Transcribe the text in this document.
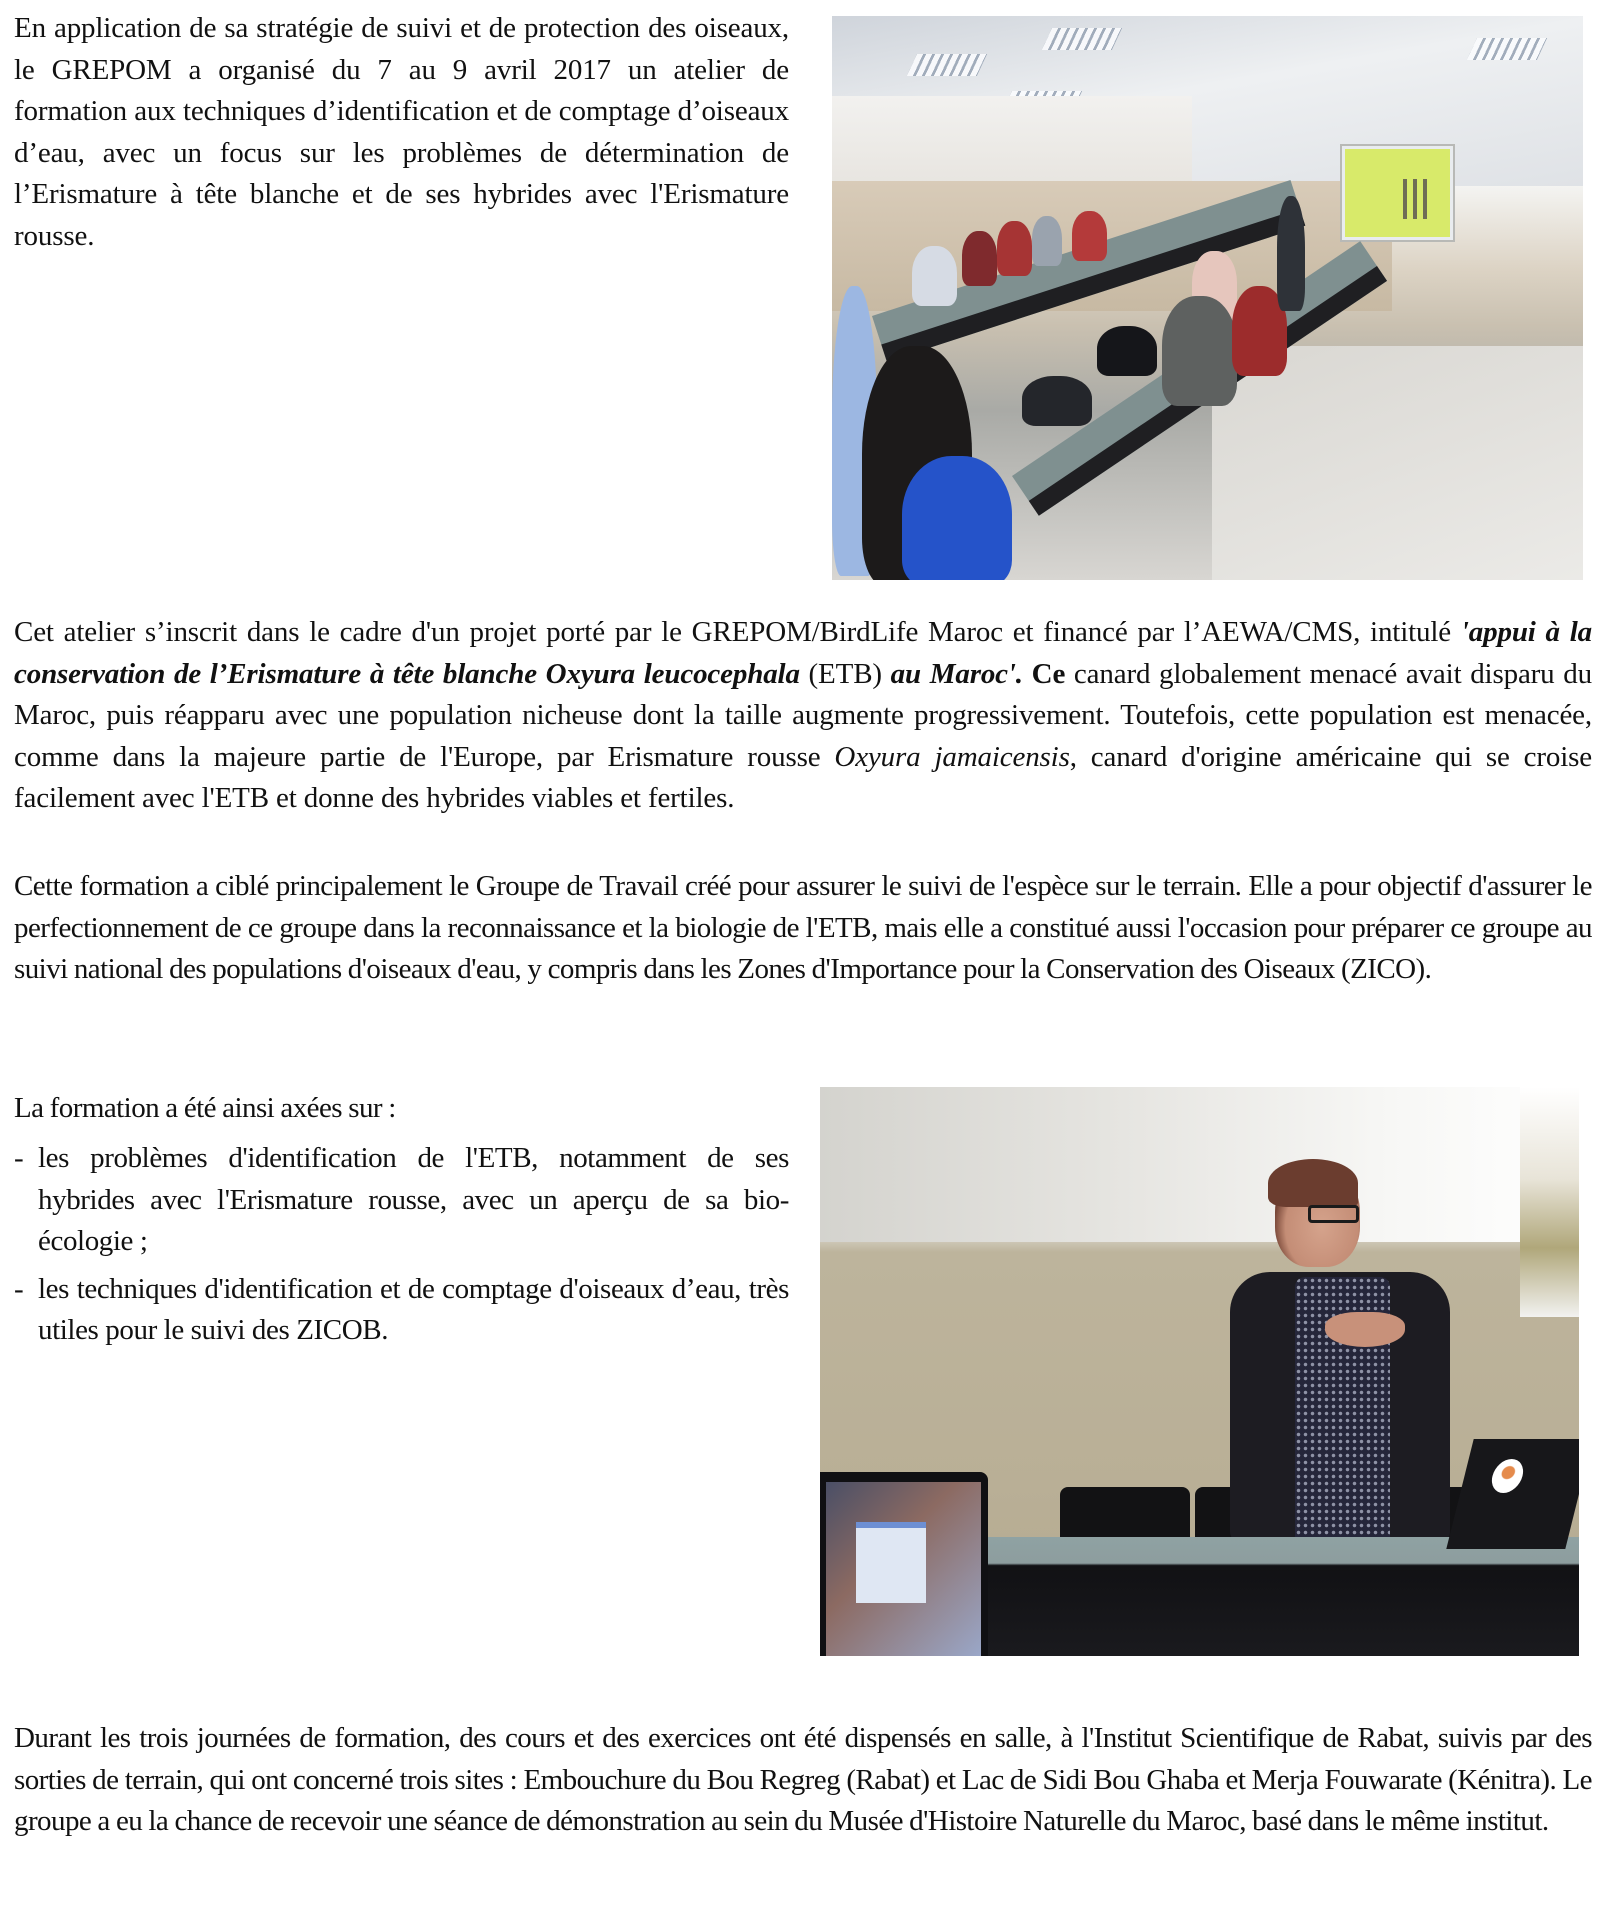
En application de sa stratégie de suivi et de protection des oiseaux, le GREPOM a organisé du 7 au 9 avril 2017 un atelier de formation aux techniques d’identification et de comptage d’oiseaux d’eau, avec un focus sur les problèmes de détermination de l’Erismature à tête blanche et de ses hybrides avec l'Erismature rousse.

Cet atelier s’inscrit dans le cadre d'un projet porté par le GREPOM/BirdLife Maroc et financé par l’AEWA/CMS, intitulé 'appui à la conservation de l’Erismature à tête blanche Oxyura leucocephala (ETB) au Maroc'. Ce canard globalement menacé avait disparu du Maroc, puis réapparu avec une population nicheuse dont la taille augmente progressivement. Toutefois, cette population est menacée, comme dans la majeure partie de l'Europe, par Erismature rousse Oxyura jamaicensis, canard d'origine américaine qui se croise facilement avec l'ETB et donne des hybrides viables et fertiles.

Cette formation a ciblé principalement le Groupe de Travail créé pour assurer le suivi de l'espèce sur le terrain. Elle a pour objectif d'assurer le perfectionnement de ce groupe dans la reconnaissance et la biologie de l'ETB, mais elle a constitué aussi l'occasion pour préparer ce groupe au suivi national des populations d'oiseaux d'eau, y compris dans les Zones d'Importance pour la Conservation des Oiseaux (ZICO).

La formation a été ainsi axées sur :

- les problèmes d'identification de l'ETB, notamment de ses hybrides avec l'Erismature rousse, avec un aperçu de sa bio-écologie ;
- les techniques d'identification et de comptage d'oiseaux d’eau, très utiles pour le suivi des ZICOB.

Durant les trois journées de formation, des cours et des exercices ont été dispensés en salle, à l'Institut Scientifique de Rabat, suivis par des sorties de terrain, qui ont concerné trois sites : Embouchure du Bou Regreg (Rabat) et Lac de Sidi Bou Ghaba et Merja Fouwarate (Kénitra). Le groupe a eu la chance de recevoir une séance de démonstration au sein du Musée d'Histoire Naturelle du Maroc, basé dans le même institut.
